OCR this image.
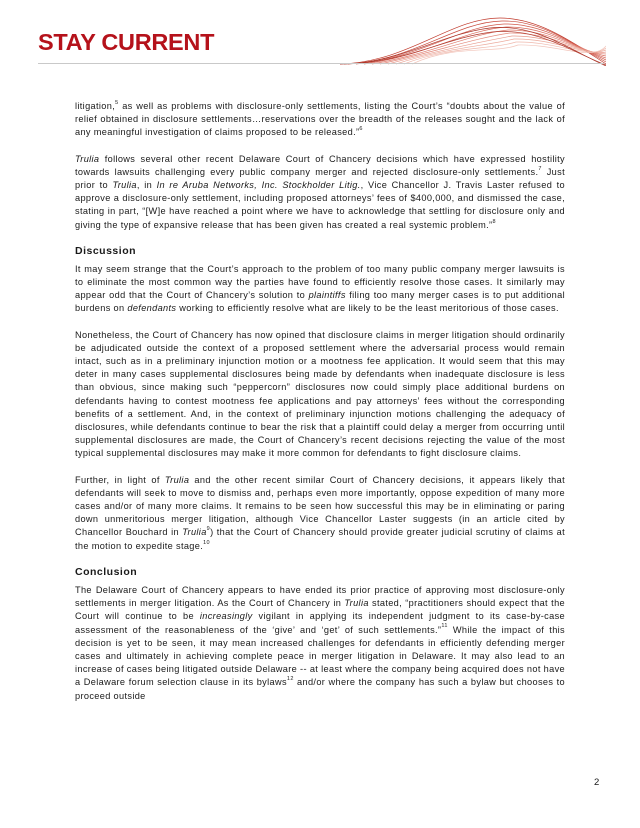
STAY CURRENT

litigation,$^5$ as well as problems with disclosure-only settlements, listing the Court’s “doubts about the value of relief obtained in disclosure settlements…reservations over the breadth of the releases sought and the lack of any meaningful investigation of claims proposed to be released.”$^6$

Trulia follows several other recent Delaware Court of Chancery decisions which have expressed hostility towards lawsuits challenging every public company merger and rejected disclosure-only settlements.$^7$ Just prior to Trulia, in In re Aruba Networks, Inc. Stockholder Litig., Vice Chancellor J. Travis Laster refused to approve a disclosure-only settlement, including proposed attorneys’ fees of $400,000, and dismissed the case, stating in part, “[W]e have reached a point where we have to acknowledge that settling for disclosure only and giving the type of expansive release that has been given has created a real systemic problem.”$^8$

Discussion

It may seem strange that the Court’s approach to the problem of too many public company merger lawsuits is to eliminate the most common way the parties have found to efficiently resolve those cases. It similarly may appear odd that the Court of Chancery’s solution to plaintiffs filing too many merger cases is to put additional burdens on defendants working to efficiently resolve what are likely to be the least meritorious of those cases.

Nonetheless, the Court of Chancery has now opined that disclosure claims in merger litigation should ordinarily be adjudicated outside the context of a proposed settlement where the adversarial process would remain intact, such as in a preliminary injunction motion or a mootness fee application. It would seem that this may deter in many cases supplemental disclosures being made by defendants when inadequate disclosure is less than obvious, since making such “peppercorn” disclosures now could simply place additional burdens on defendants having to contest mootness fee applications and pay attorneys’ fees without the corresponding benefits of a settlement. And, in the context of preliminary injunction motions challenging the adequacy of disclosures, while defendants continue to bear the risk that a plaintiff could delay a merger from occurring until supplemental disclosures are made, the Court of Chancery’s recent decisions rejecting the value of the most typical supplemental disclosures may make it more common for defendants to fight disclosure claims.

Further, in light of Trulia and the other recent similar Court of Chancery decisions, it appears likely that defendants will seek to move to dismiss and, perhaps even more importantly, oppose expedition of many more cases and/or of many more claims. It remains to be seen how successful this may be in eliminating or paring down unmeritorious merger litigation, although Vice Chancellor Laster suggests (in an article cited by Chancellor Bouchard in Trulia$^9$) that the Court of Chancery should provide greater judicial scrutiny of claims at the motion to expedite stage.$^{10}$

Conclusion

The Delaware Court of Chancery appears to have ended its prior practice of approving most disclosure-only settlements in merger litigation. As the Court of Chancery in Trulia stated, “practitioners should expect that the Court will continue to be increasingly vigilant in applying its independent judgment to its case-by-case assessment of the reasonableness of the ‘give’ and ‘get’ of such settlements.”$^{11}$ While the impact of this decision is yet to be seen, it may mean increased challenges for defendants in efficiently defending merger cases and ultimately in achieving complete peace in merger litigation in Delaware. It may also lead to an increase of cases being litigated outside Delaware -- at least where the company being acquired does not have a Delaware forum selection clause in its bylaws$^{12}$ and/or where the company has such a bylaw but chooses to proceed outside

2
